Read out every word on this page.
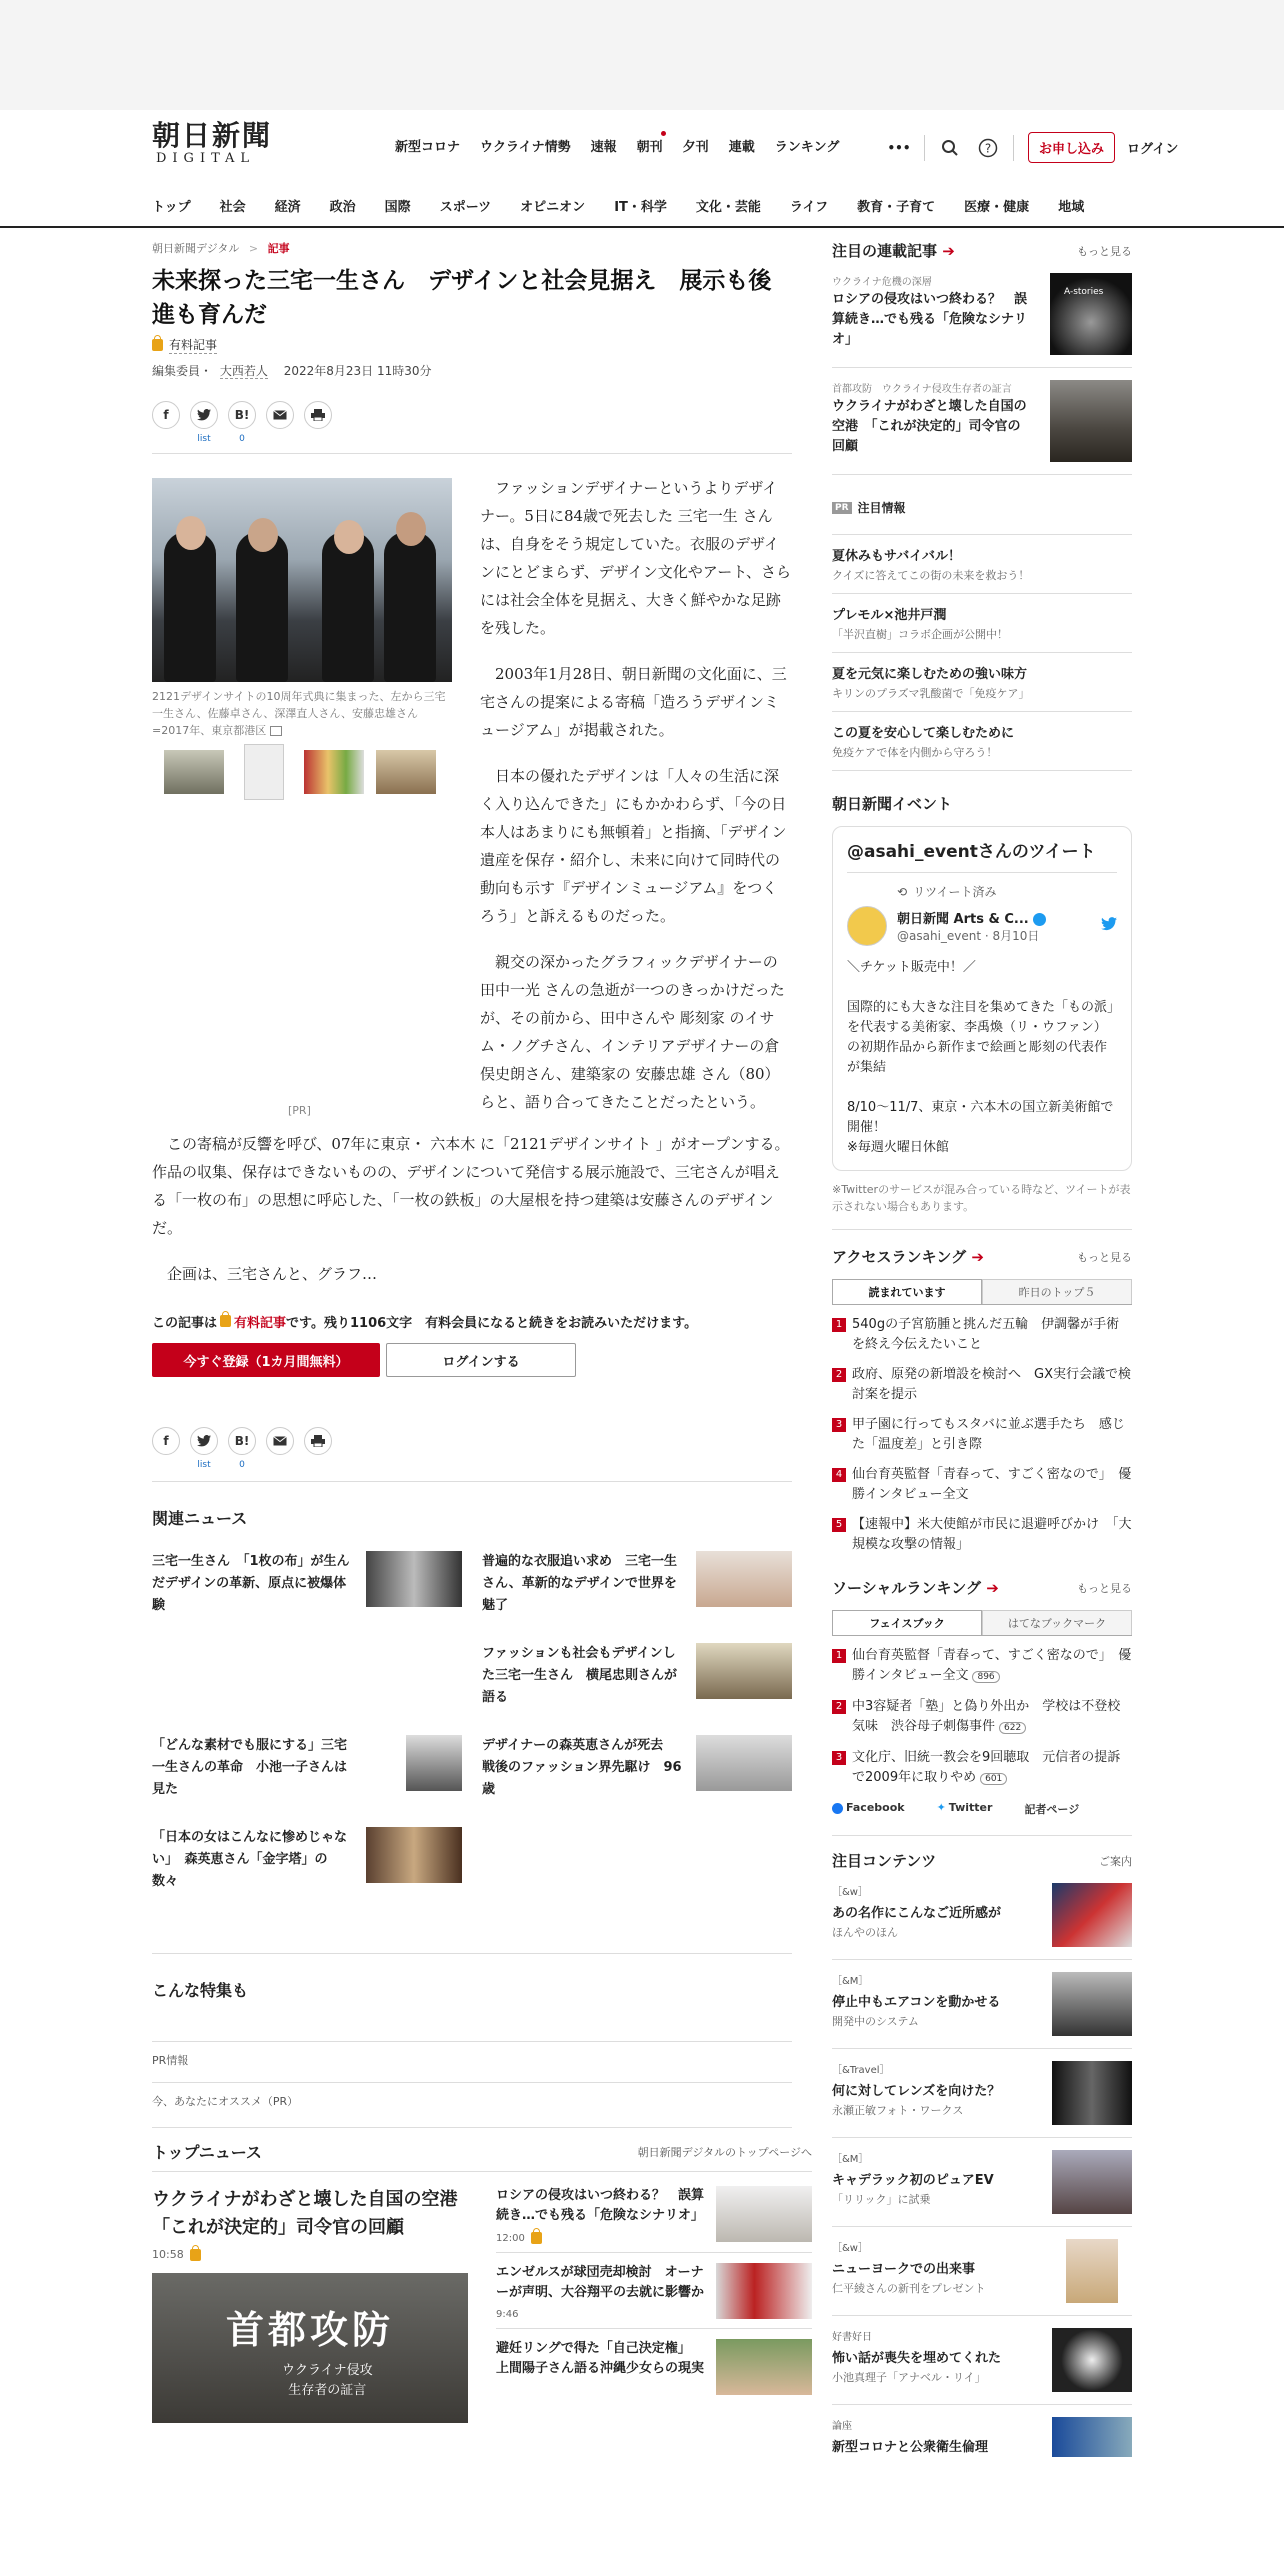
朝日新聞
DIGITAL
新型コロナ ウクライナ情勢 速報 朝刊 夕刊 連載 ランキング	•••	?	お申し込み	ログイン
トップ 社会 経済 政治 国際 スポーツ オピニオン IT・科学 文化・芸能 ライフ 教育・子育て 医療・健康 地域
朝日新聞デジタル > 記事
未来探った三宅一生さん　デザインと社会見据え　展示も後進も育んだ
有料記事
編集委員・ 大西若人 2022年8月23日 11時30分
f
list
B!
0
2121デザインサイトの10周年式典に集まった、左から三宅一生さん、佐藤卓さん、深澤直人さん、安藤忠雄さん=2017年、東京都港区
[PR]

ファッションデザイナーというよりデザイナー。5日に84歳で死去した 三宅一生 さんは、自身をそう規定していた。衣服のデザインにとどまらず、デザイン文化やアート、さらには社会全体を見据え、大きく鮮やかな足跡を残した。

2003年1月28日、朝日新聞の文化面に、三宅さんの提案による寄稿「造ろうデザインミュージアム」が掲載された。

日本の優れたデザインは「人々の生活に深く入り込んできた」にもかかわらず、「今の日本人はあまりにも無頓着」と指摘、「デザイン遺産を保存・紹介し、未来に向けて同時代の動向も示す『デザインミュージアム』をつくろう」と訴えるものだった。

親交の深かったグラフィックデザイナーの 田中一光 さんの急逝が一つのきっかけだったが、その前から、田中さんや 彫刻家 のイサム・ノグチさん、インテリアデザイナーの倉俣史朗さん、建築家の 安藤忠雄 さん（80）らと、語り合ってきたことだったという。

この寄稿が反響を呼び、07年に東京・ 六本木 に「2121デザインサイト 」がオープンする。作品の収集、保存はできないものの、デザインについて発信する展示施設で、三宅さんが唱える「一枚の布」の思想に呼応した、「一枚の鉄板」の大屋根を持つ建築は安藤さんのデザインだ。

企画は、三宅さんと、グラフ…

この記事は 有料記事です。残り1106文字　有料会員になると続きをお読みいただけます。
今すぐ登録（1カ月間無料）	ログインする
f
list
B!
0
関連ニュース
三宅一生さん　「1枚の布」が生んだデザインの革新、原点に被爆体験
普遍的な衣服追い求め　三宅一生さん、革新的なデザインで世界を魅了
ファッションも社会もデザインした三宅一生さん　横尾忠則さんが語る
「どんな素材でも服にする」三宅一生さんの革命　小池一子さんは見た
デザイナーの森英恵さんが死去　戦後のファッション界先駆け　96歳
「日本の女はこんなに惨めじゃない」　森英恵さん「金字塔」の数々
こんな特集も
PR情報
今、あなたにオススメ（PR）
トップニュース	朝日新聞デジタルのトップページへ
ウクライナがわざと壊した自国の空港　「これが決定的」司令官の回顧
10:58
首都攻防
ウクライナ侵攻
生存者の証言
ロシアの侵攻はいつ終わる？　誤算続き…でも残る「危険なシナリオ」
12:00
エンゼルスが球団売却検討　オーナーが声明、大谷翔平の去就に影響か
9:46
避妊リングで得た「自己決定権」　上間陽子さん語る沖縄少女らの現実
注目の連載記事 ➔	もっと見る
ウクライナ危機の深層
ロシアの侵攻はいつ終わる？　誤算続き…でも残る「危険なシナリオ」
A-stories
首都攻防　ウクライナ侵攻生存者の証言
ウクライナがわざと壊した自国の空港　「これが決定的」司令官の回顧
PR 注目情報
夏休みもサバイバル！
クイズに答えてこの街の未来を救おう！
プレモル×池井戸潤
「半沢直樹」コラボ企画が公開中！
夏を元気に楽しむための強い味方
キリンのプラズマ乳酸菌で「免疫ケア」
この夏を安心して楽しむために
免疫ケアで体を内側から守ろう！
朝日新聞イベント
@asahi_eventさんのツイート
⟲ リツイート済み
朝日新聞 Arts & C...
@asahi_event · 8月10日
＼チケット販売中！／

国際的にも大きな注目を集めてきた「もの派」を代表する美術家、李禹煥（リ・ウファン）の初期作品から新作まで絵画と彫刻の代表作が集結

8/10～11/7、東京・六本木の国立新美術館で開催！
※毎週火曜日休館
※Twitterのサービスが混み合っている時など、ツイートが表示されない場合もあります。
アクセスランキング ➔	もっと見る
読まれています	昨日のトップ５
1 540gの子宮筋腫と挑んだ五輪　伊調馨が手術を終え今伝えたいこと
2 政府、原発の新増設を検討へ　GX実行会議で検討案を提示
3 甲子園に行ってもスタバに並ぶ選手たち　感じた「温度差」と引き際
4 仙台育英監督「青春って、すごく密なので」　優勝インタビュー全文
5 【速報中】米大使館が市民に退避呼びかけ　「大規模な攻撃の情報」
ソーシャルランキング ➔	もっと見る
フェイスブック	はてなブックマーク
1 仙台育英監督「青春って、すごく密なので」　優勝インタビュー全文 896
2 中3容疑者「塾」と偽り外出か　学校は不登校気味　渋谷母子刺傷事件 622
3 文化庁、旧統一教会を9回聴取　元信者の提訴で2009年に取りやめ 601
Facebook	✦ Twitter	記者ページ
注目コンテンツ	ご案内
［&w］
あの名作にこんなご近所感が
ほんやのほん
［&M］
停止中もエアコンを動かせる
開発中のシステム
［&Travel］
何に対してレンズを向けた？
永瀬正敏フォト・ワークス
［&M］
キャデラック初のピュアEV
「リリック」に試乗
［&w］
ニューヨークでの出来事
仁平綾さんの新刊をプレゼント
好書好日
怖い話が喪失を埋めてくれた
小池真理子「アナベル・リイ」
論座
新型コロナと公衆衛生倫理
